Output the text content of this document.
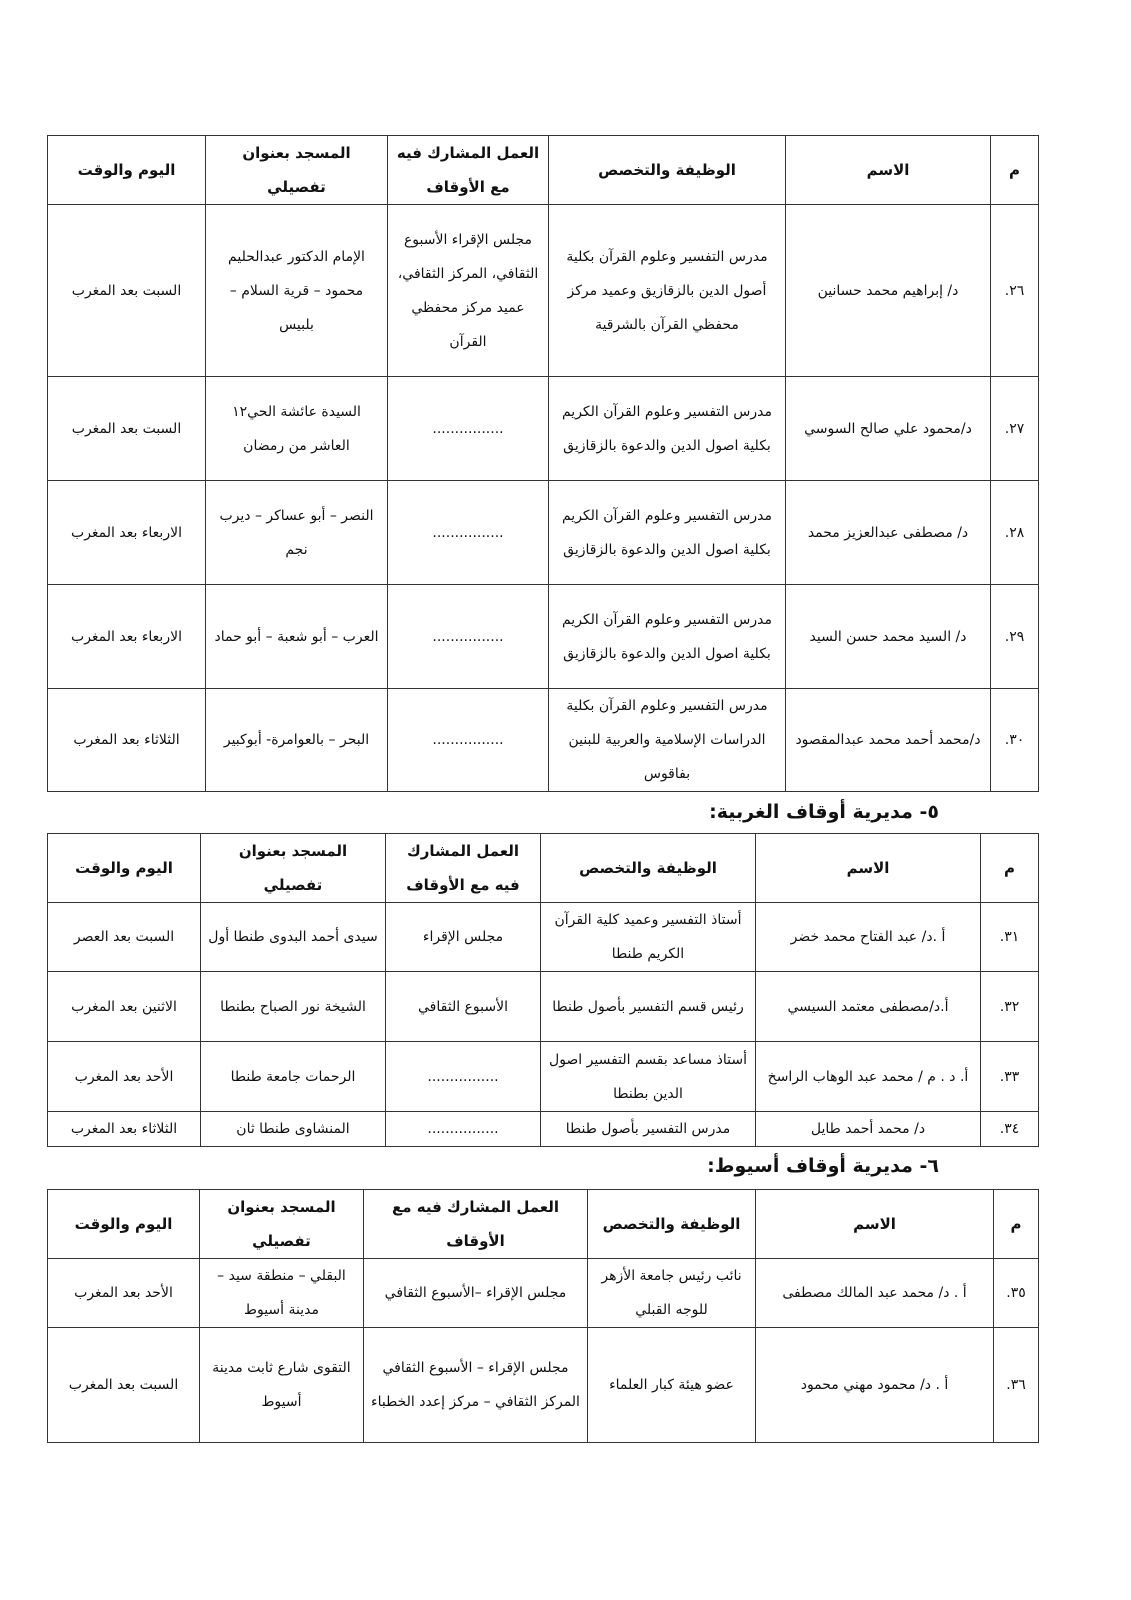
٥- مديرية أوقاف الغربية:
٦- مديرية أوقاف أسيوط:
م	الاسم	الوظيفة والتخصص	العمل المشارك فيه مع الأوقاف	المسجد بعنوان تفصيلي	اليوم والوقت
٢٦.	د/ إبراهيم محمد حسانين	مدرس التفسير وعلوم القرآن بكلية أصول الدين بالزقازيق وعميد مركز محفظي القرآن بالشرقية	مجلس الإقراء الأسبوع الثقافي، المركز الثقافي، عميد مركز محفظي القرآن	الإمام الدكتور عبدالحليم محمود – قرية السلام – بلبيس	السبت بعد المغرب
٢٧.	د/محمود علي صالح السوسي	مدرس التفسير وعلوم القرآن الكريم بكلية اصول الدين والدعوة بالزقازيق	................	السيدة عائشة الحي١٢ العاشر من رمضان	السبت بعد المغرب
٢٨.	د/ مصطفى عبدالعزيز محمد	مدرس التفسير وعلوم القرآن الكريم بكلية اصول الدين والدعوة بالزقازيق	................	النصر – أبو عساكر – ديرب نجم	الاربعاء بعد المغرب
٢٩.	د/ السيد محمد حسن السيد	مدرس التفسير وعلوم القرآن الكريم بكلية اصول الدين والدعوة بالزقازيق	................	العرب – أبو شعبة – أبو حماد	الاربعاء بعد المغرب
٣٠.	د/محمد أحمد محمد عبدالمقصود	مدرس التفسير وعلوم القرآن بكلية الدراسات الإسلامية والعربية للبنين بفاقوس	................	البحر – بالعوامرة- أبوكبير	الثلاثاء بعد المغرب
م	الاسم	الوظيفة والتخصص	العمل المشارك فيه مع الأوقاف	المسجد بعنوان تفصيلي	اليوم والوقت
٣١.	أ .د/ عبد الفتاح محمد خضر	أستاذ التفسير وعميد كلية القرآن الكريم طنطا	مجلس الإقراء	سيدى أحمد البدوى طنطا أول	السبت بعد العصر
٣٢.	أ.د/مصطفى معتمد السيسي	رئيس قسم التفسير بأصول طنطا	الأسبوع الثقافي	الشيخة نور الصباح بطنطا	الاثنين بعد المغرب
٣٣.	أ. د . م / محمد عبد الوهاب الراسخ	أستاذ مساعد بقسم التفسير اصول الدين بطنطا	................	الرحمات جامعة طنطا	الأحد بعد المغرب
٣٤.	د/ محمد أحمد طايل	مدرس التفسير بأصول طنطا	................	المنشاوى طنطا ثان	الثلاثاء بعد المغرب
م	الاسم	الوظيفة والتخصص	العمل المشارك فيه مع الأوقاف	المسجد بعنوان تفصيلي	اليوم والوقت
٣٥.	أ . د/ محمد عبد المالك مصطفى	نائب رئيس جامعة الأزهر للوجه القبلي	مجلس الإقراء –الأسبوع الثقافي	البقلي – منطقة سيد – مدينة أسيوط	الأحد بعد المغرب
٣٦.	أ . د/ محمود مهني محمود	عضو هيئة كبار العلماء	مجلس الإقراء – الأسبوع الثقافي المركز الثقافي – مركز إعدد الخطباء	التقوى شارع ثابت مدينة أسيوط	السبت بعد المغرب
